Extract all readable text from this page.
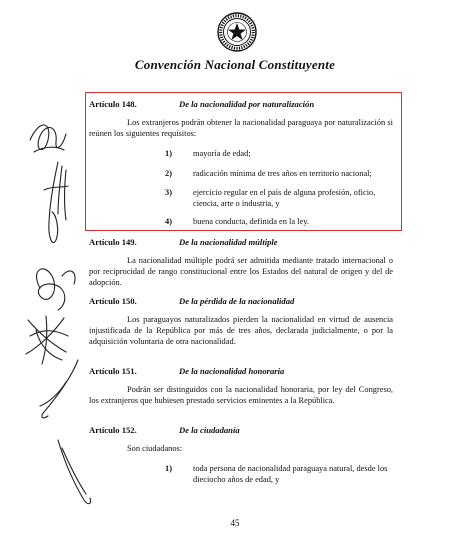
Convención Nacional Constituyente
Artículo 148.	De la nacionalidad por naturalización
Los extranjeros podrán obtener la nacionalidad paraguaya por naturalización si reúnen los siguientes requisitos:
1)	mayoría de edad;
2)	radicación mínima de tres años en territorio nacional;
3)	ejercicio regular en el país de alguna profesión, oficio, ciencia, arte o industria, y
4)	buena conducta, definida en la ley.
Artículo 149.	De la nacionalidad múltiple
La nacionalidad múltiple podrá ser admitida mediante tratado internacional o por reciprocidad de rango constitucional entre los Estados del natural de origen y del de adopción.
Artículo 150.	De la pérdida de la nacionalidad
Los paraguayos naturalizados pierden la nacionalidad en virtud de ausencia injustificada de la República por más de tres años, declarada judicialmente, o por la adquisición voluntaria de otra nacionalidad.
Artículo 151.	De la nacionalidad honoraria
Podrán ser distinguidos con la nacionalidad honoraria, por ley del Congreso, los extranjeros que hubiesen prestado servicios eminentes a la República.
Artículo 152.	De la ciudadanía
Son ciudadanos:
1)	toda persona de nacionalidad paraguaya natural, desde los dieciocho años de edad, y
45
